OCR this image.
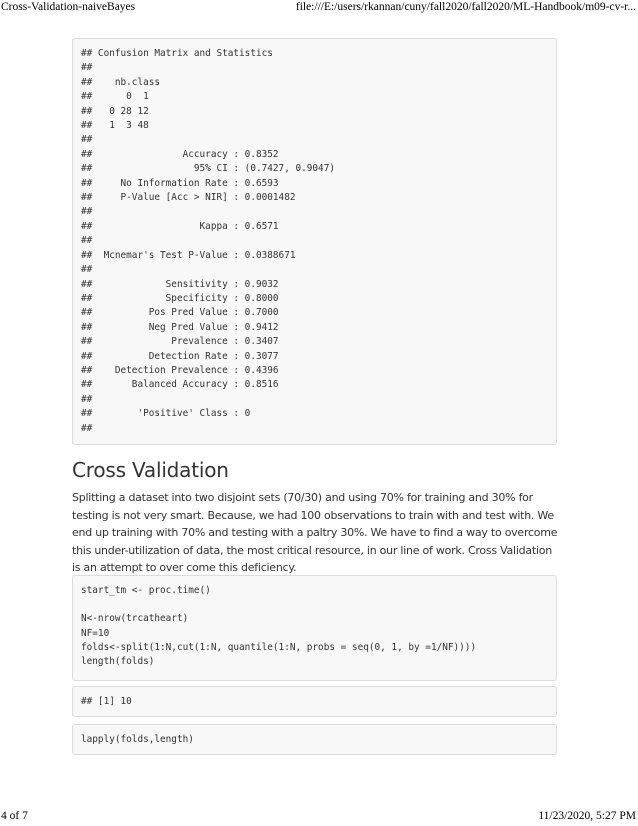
Cross-Validation-naiveBayes	file:///E:/users/rkannan/cuny/fall2020/fall2020/ML-Handbook/m09-cv-r...
## Confusion Matrix and Statistics
##
##    nb.class
##      0  1
##   0 28 12
##   1  3 48
##
##                Accuracy : 0.8352
##                  95% CI : (0.7427, 0.9047)
##     No Information Rate : 0.6593
##     P-Value [Acc > NIR] : 0.0001482
##
##                   Kappa : 0.6571
##
##  Mcnemar's Test P-Value : 0.0388671
##
##             Sensitivity : 0.9032
##             Specificity : 0.8000
##          Pos Pred Value : 0.7000
##          Neg Pred Value : 0.9412
##              Prevalence : 0.3407
##          Detection Rate : 0.3077
##    Detection Prevalence : 0.4396
##       Balanced Accuracy : 0.8516
##
##        'Positive' Class : 0
##
Cross Validation

Splitting a dataset into two disjoint sets (70/30) and using 70% for training and 30% for testing is not very smart. Because, we had 100 observations to train with and test with. We end up training with 70% and testing with a paltry 30%. We have to find a way to overcome this under-utilization of data, the most critical resource, in our line of work. Cross Validation is an attempt to over come this deficiency.

start_tm <- proc.time()

N<-nrow(trcatheart)
NF=10
folds<-split(1:N,cut(1:N, quantile(1:N, probs = seq(0, 1, by =1/NF))))
length(folds)
## [1] 10
lapply(folds,length)
4 of 7	11/23/2020, 5:27 PM
